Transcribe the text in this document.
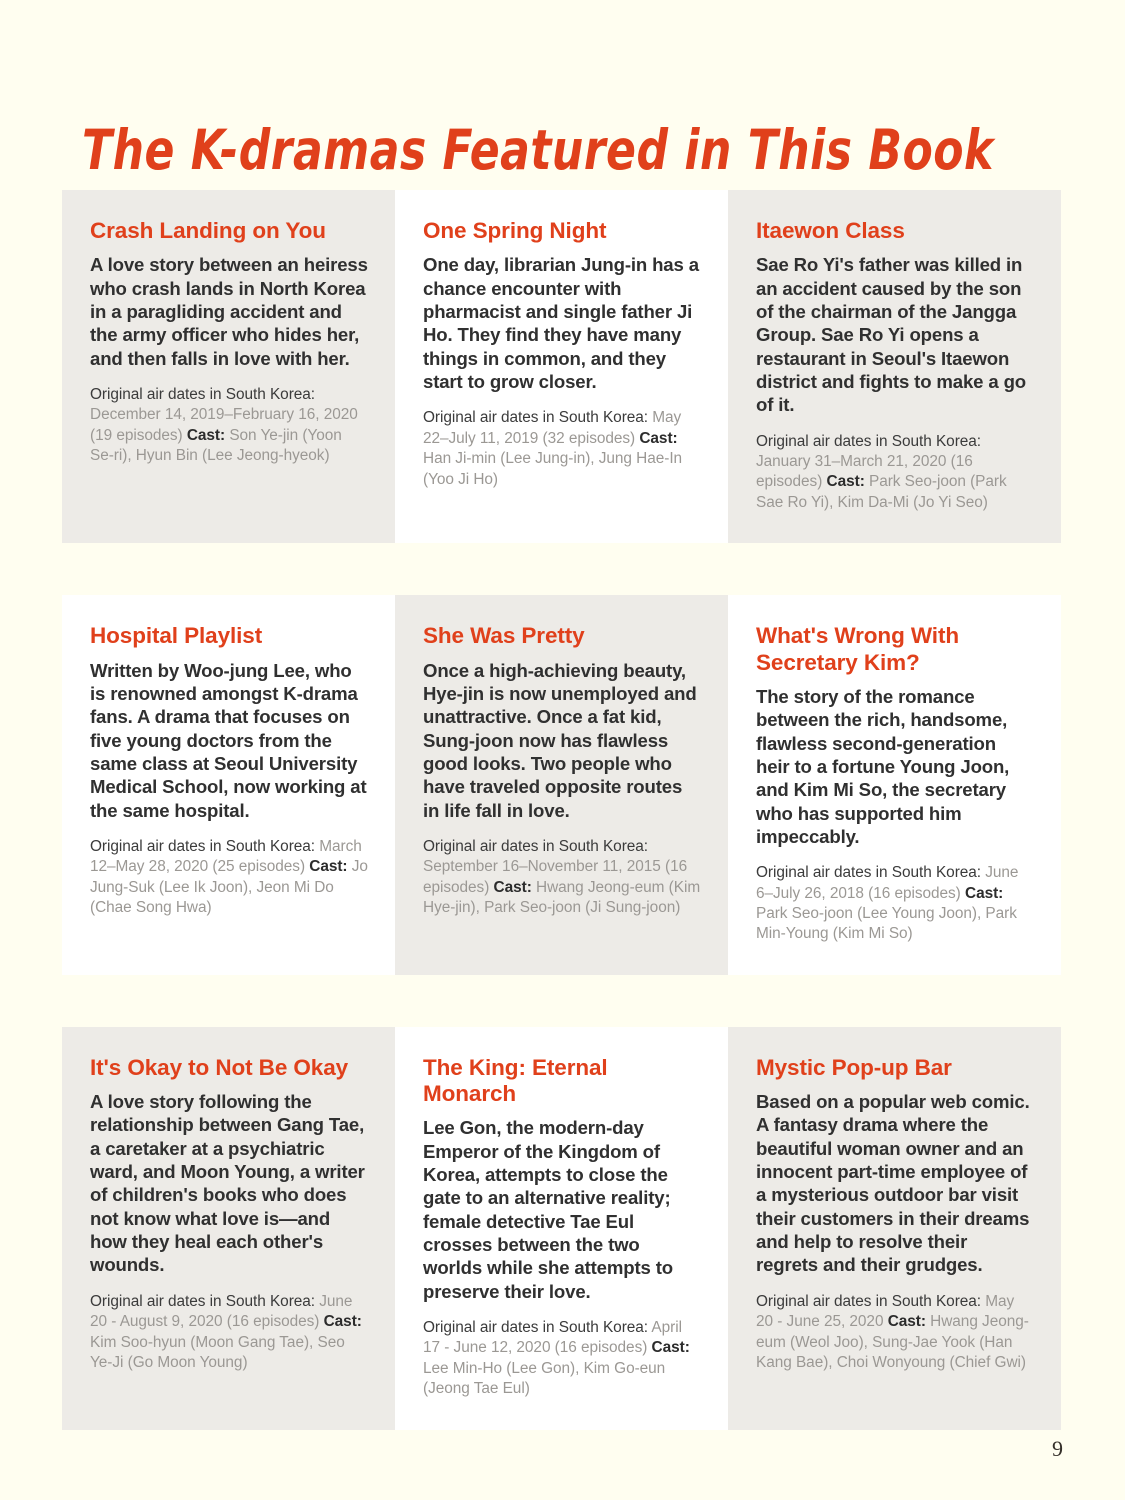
The K-dramas Featured in This Book
Crash Landing on You
A love story between an heiress who crash lands in North Korea in a paragliding accident and the army officer who hides her, and then falls in love with her.
Original air dates in South Korea: December 14, 2019–February 16, 2020 (19 episodes) Cast: Son Ye-jin (Yoon Se-ri), Hyun Bin (Lee Jeong-hyeok)
One Spring Night
One day, librarian Jung-in has a chance encounter with pharmacist and single father Ji Ho. They find they have many things in common, and they start to grow closer.
Original air dates in South Korea: May 22–July 11, 2019 (32 episodes) Cast: Han Ji-min (Lee Jung-in), Jung Hae-In (Yoo Ji Ho)
Itaewon Class
Sae Ro Yi's father was killed in an accident caused by the son of the chairman of the Jangga Group. Sae Ro Yi opens a restaurant in Seoul's Itaewon district and fights to make a go of it.
Original air dates in South Korea: January 31–March 21, 2020 (16 episodes) Cast: Park Seo-joon (Park Sae Ro Yi), Kim Da-Mi (Jo Yi Seo)
Hospital Playlist
Written by Woo-jung Lee, who is renowned amongst K-drama fans. A drama that focuses on five young doctors from the same class at Seoul University Medical School, now working at the same hospital.
Original air dates in South Korea: March 12–May 28, 2020 (25 episodes) Cast: Jo Jung-Suk (Lee Ik Joon), Jeon Mi Do (Chae Song Hwa)
She Was Pretty
Once a high-achieving beauty, Hye-jin is now unemployed and unattractive. Once a fat kid, Sung-joon now has flawless good looks. Two people who have traveled opposite routes in life fall in love.
Original air dates in South Korea: September 16–November 11, 2015 (16 episodes) Cast: Hwang Jeong-eum (Kim Hye-jin), Park Seo-joon (Ji Sung-joon)
What's Wrong With Secretary Kim?
The story of the romance between the rich, handsome, flawless second-generation heir to a fortune Young Joon, and Kim Mi So, the secretary who has supported him impeccably.
Original air dates in South Korea: June 6–July 26, 2018 (16 episodes) Cast: Park Seo-joon (Lee Young Joon), Park Min-Young (Kim Mi So)
It's Okay to Not Be Okay
A love story following the relationship between Gang Tae, a caretaker at a psychiatric ward, and Moon Young, a writer of children's books who does not know what love is—and how they heal each other's wounds.
Original air dates in South Korea: June 20 - August 9, 2020 (16 episodes) Cast: Kim Soo-hyun (Moon Gang Tae), Seo Ye-Ji (Go Moon Young)
The King: Eternal Monarch
Lee Gon, the modern-day Emperor of the Kingdom of Korea, attempts to close the gate to an alternative reality; female detective Tae Eul crosses between the two worlds while she attempts to preserve their love.
Original air dates in South Korea: April 17 - June 12, 2020 (16 episodes) Cast: Lee Min-Ho (Lee Gon), Kim Go-eun (Jeong Tae Eul)
Mystic Pop-up Bar
Based on a popular web comic. A fantasy drama where the beautiful woman owner and an innocent part-time employee of a mysterious outdoor bar visit their customers in their dreams and help to resolve their regrets and their grudges.
Original air dates in South Korea: May 20 - June 25, 2020 Cast: Hwang Jeong-eum (Weol Joo), Sung-Jae Yook (Han Kang Bae), Choi Wonyoung (Chief Gwi)
9
